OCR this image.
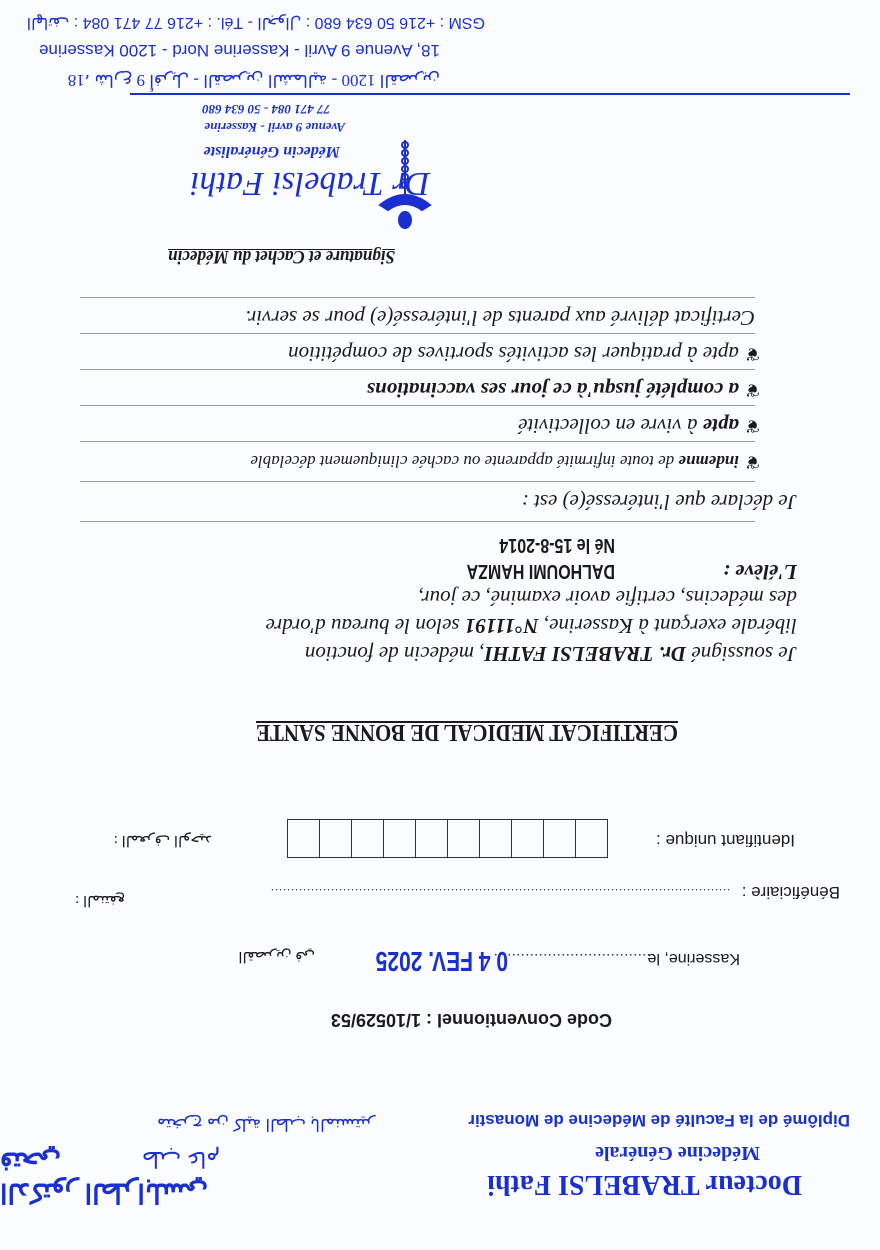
Docteur TRABELSI Fathi
الدكتور الطرابلسي فتحي	Médecine Générale
طب عام
Diplômé de la Faculté de Médecine de Monastir
متخرج من كلية الطب بالمنستير
Code Conventionnel : 1/10529/53
Kasserine, le
....................................
0 4 FEV. 2025
القصرين في
Bénéficiaire :
...................................................................................................................
: المنتفع
Identifiant unique :
: المعرف الوحيد
CERTIFICAT MEDICAL DE BONNE SANTE
Je soussigné Dr. TRABELSI FATHI, médecin de fonction
libérale exerçant à Kasserine, N°11191 selon le bureau d'ordre
des médecins, certifie avoir examiné, ce jour,
L'élève :
DALHOUMI HAMZA
Né le 15-8-2014
Je déclare que l'intéressé(e) est :
❦
indemne de toute infirmité apparente ou cachée cliniquement décelable
❦
apte à vivre en collectivité
❦
a complété jusqu'à ce jour ses vaccinations
❦
apte à pratiquer les activités sportives de compétition
Certificat délivré aux parents de l'intéressé(e) pour se servir.
Signature et Cachet du Médecin
Dr Trabelsi Fathi
Médecin Généraliste
Avenue 9 avril - Kasserine
77 471 084 - 50 634 680
18، شارع 9 أفريل - القصرين الشمالية - 1200 القصرين
18, Avenue 9 Avril - Kasserine Nord - 1200 Kasserine
GSM : +216 50 634 680 : الجوال - Tél. : +216 77 471 084 : الهاتف
